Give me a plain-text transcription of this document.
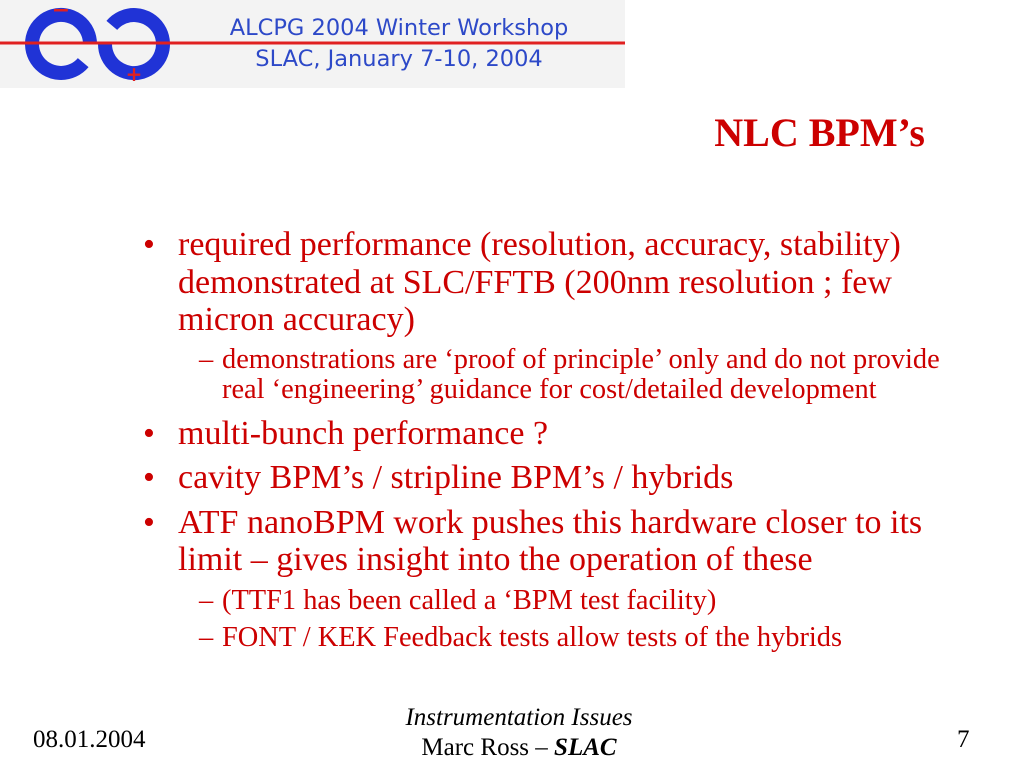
−
+
ALCPG 2004 Winter Workshop
SLAC, January 7-10, 2004
NLC BPM’s
• required performance (resolution, accuracy, stability) demonstrated at SLC/FFTB (200nm resolution ; few micron accuracy)
– demonstrations are ‘proof of principle’ only and do not provide real ‘engineering’ guidance for cost/detailed development
• multi-bunch performance ?
• cavity BPM’s / stripline BPM’s / hybrids
• ATF nanoBPM work pushes this hardware closer to its limit – gives insight into the operation of these
– (TTF1 has been called a ‘BPM test facility)
– FONT / KEK Feedback tests allow tests of the hybrids
08.01.2004
Instrumentation Issues
Marc Ross – SLAC	7
